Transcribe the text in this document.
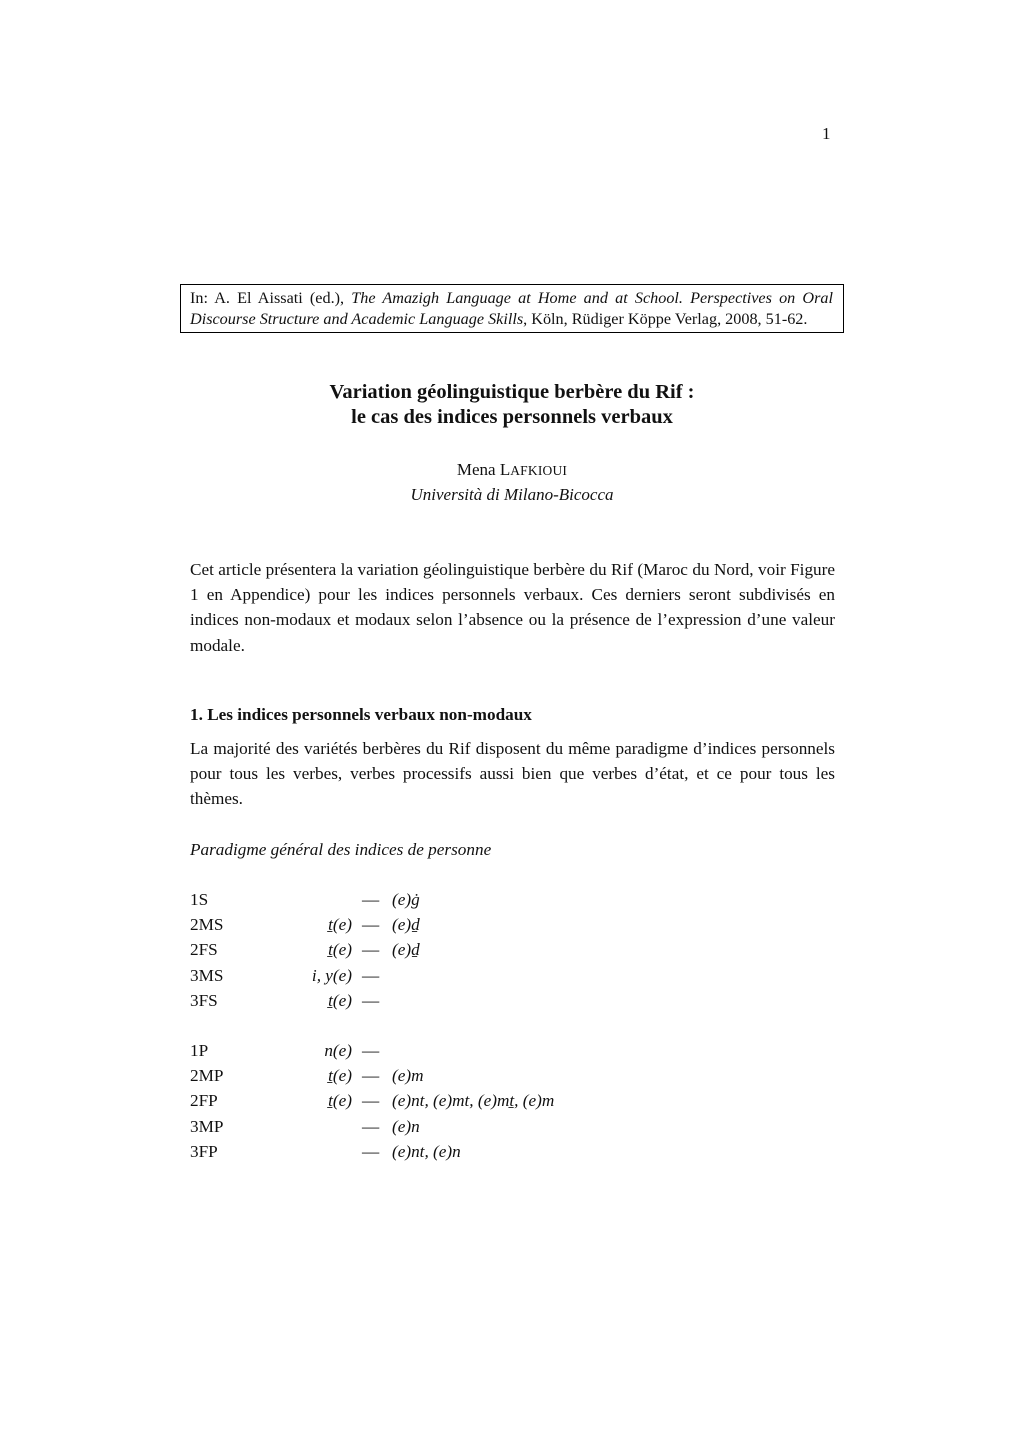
1
In: A. El Aissati (ed.), The Amazigh Language at Home and at School. Perspectives on Oral Discourse Structure and Academic Language Skills, Köln, Rüdiger Köppe Verlag, 2008, 51-62.
Variation géolinguistique berbère du Rif :
le cas des indices personnels verbaux
Mena LAFKIOUI
Università di Milano-Bicocca
Cet article présentera la variation géolinguistique berbère du Rif (Maroc du Nord, voir Figure 1 en Appendice) pour les indices personnels verbaux. Ces derniers seront subdivisés en indices non-modaux et modaux selon l’absence ou la présence de l’expression d’une valeur modale.
1. Les indices personnels verbaux non-modaux
La majorité des variétés berbères du Rif disposent du même paradigme d’indices personnels pour tous les verbes, verbes processifs aussi bien que verbes d’état, et ce pour tous les thèmes.
Paradigme général des indices de personne
1S	— (e)ġ
2MS	ṯ(e) — (e)ḏ
2FS	ṯ(e) — (e)ḏ
3MS	i, y(e) —
3FS	ṯ(e) —
1P	n(e) —
2MP	ṯ(e) — (e)m
2FP	ṯ(e) — (e)nt, (e)mt, (e)mṯ, (e)m
3MP	— (e)n
3FP	— (e)nt, (e)n
